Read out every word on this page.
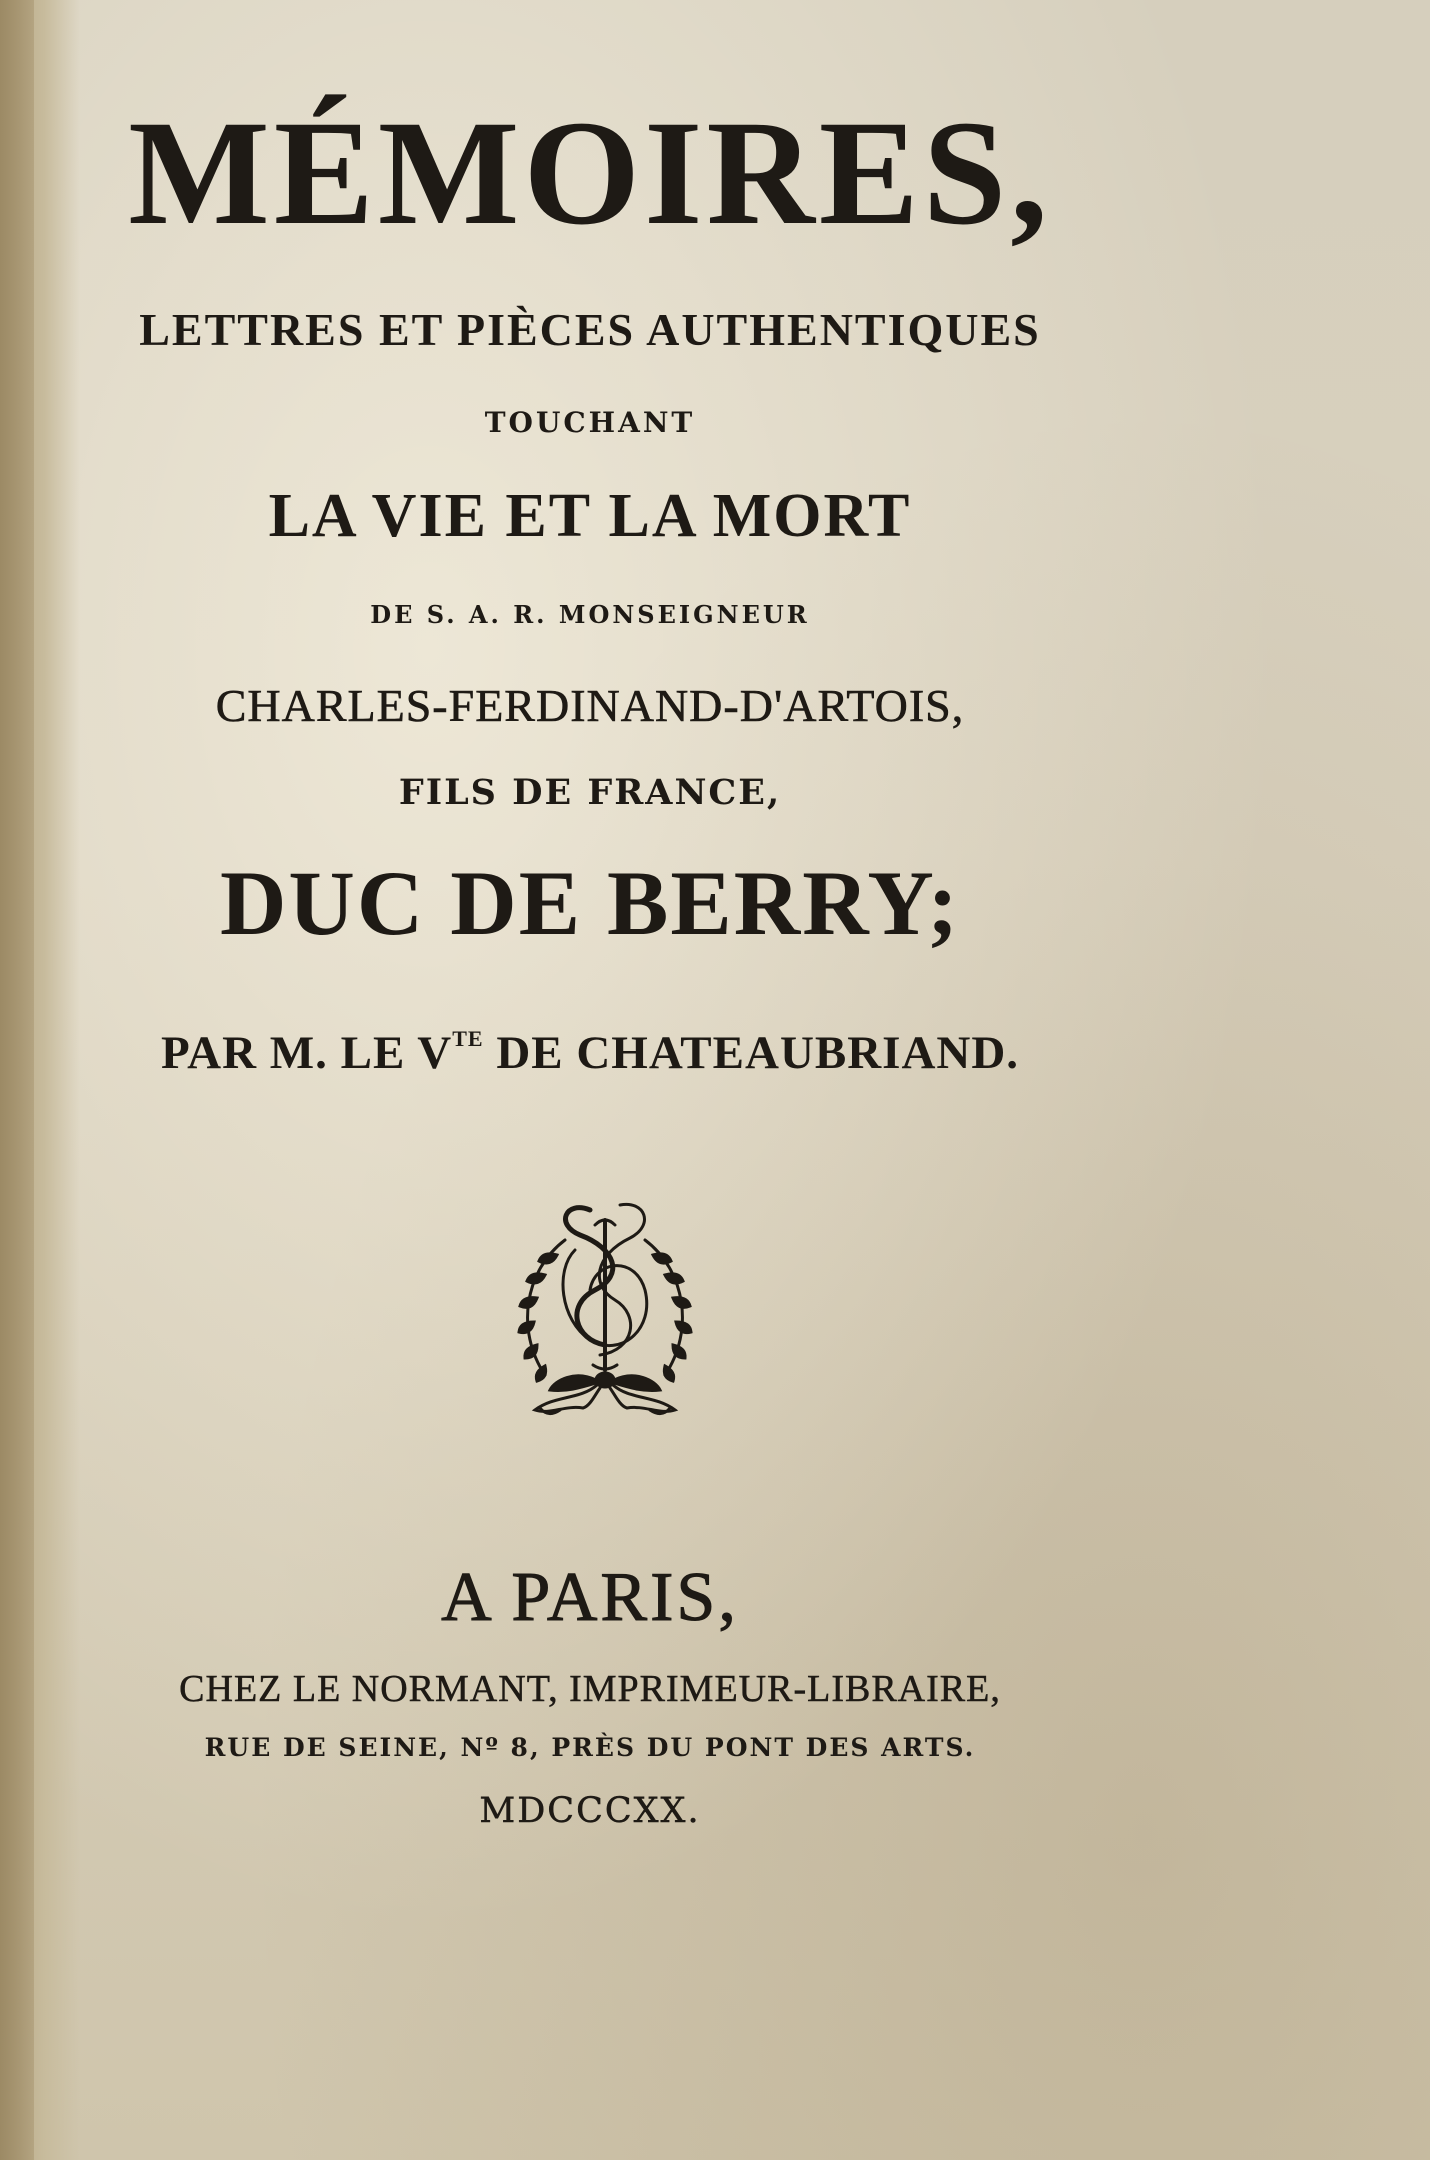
MÉMOIRES,
LETTRES ET PIÈCES AUTHENTIQUES
TOUCHANT
LA VIE ET LA MORT
DE S. A. R. MONSEIGNEUR
CHARLES-FERDINAND-D'ARTOIS,
FILS DE FRANCE,
DUC DE BERRY;
PAR M. LE $V^{TE}$ DE CHATEAUBRIAND.
A PARIS,
CHEZ LE NORMANT, IMPRIMEUR-LIBRAIRE,
RUE DE SEINE, Nº 8, PRÈS DU PONT DES ARTS.
MDCCCXX.
